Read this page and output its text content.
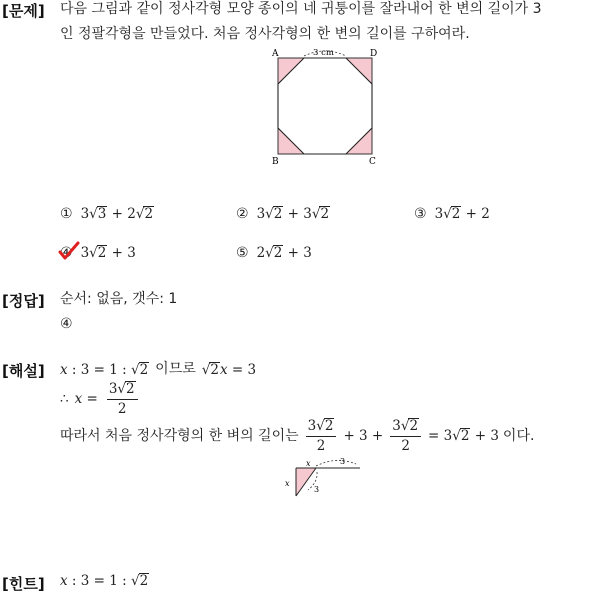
[문제] 다음 그림과 같이 정사각형 모양 종이의 네 귀퉁이를 잘라내어 한 변의 길이가 3
인 정팔각형을 만들었다. 처음 정사각형의 한 변의 길이를 구하여라.
A	D
B	C
3 cm
① 3√3 + 2√2	② 3√2 + 3√2	③ 3√2 + 2
④ 3√2 + 3	⑤ 2√2 + 3
[정답] 순서: 없음, 갯수: 1
④
[해설] x : 3 = 1 : √2 이므로 √2x = 3
∴ $x = \frac{3√2}{2}$
따라서 처음 정사각형의 한 벼의 길이는 $\frac{3√2}{2} + 3 + \frac{3√2}{2} = 3√2 + 3$ 이다.
x	3
x
3
[힌트] x : 3 = 1 : √2
